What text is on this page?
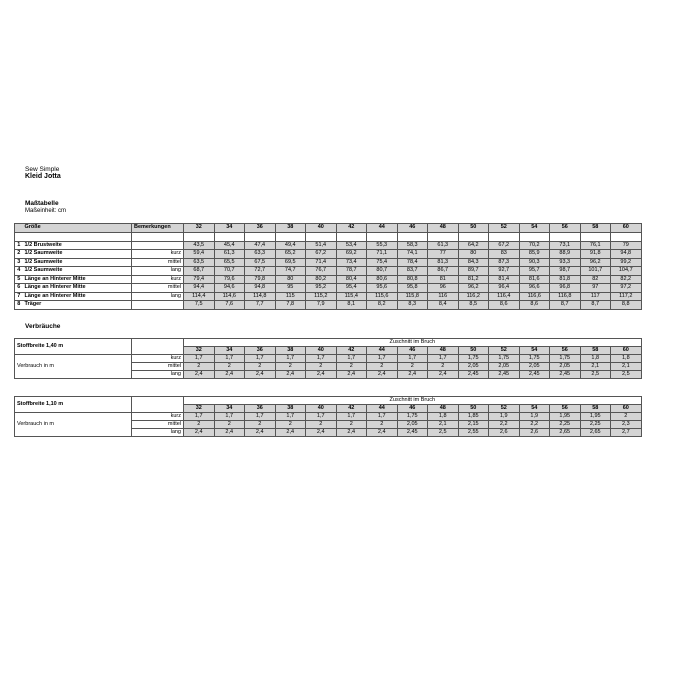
Sew Simple
Kleid Jotta
Maßtabelle
Maßeinheit: cm
	Größe	Bemerkungen	32	34	36	38	40	42	44	46	48	50	52	54	56	58	60

1	1/2 Brustweite		43,5	45,4	47,4	49,4	51,4	53,4	55,3	58,3	61,3	64,2	67,2	70,2	73,1	76,1	79
2	1/2 Saumweite	kurz	59,4	61,3	63,3	65,2	67,2	69,2	71,1	74,1	77	80	83	85,9	88,9	91,8	94,8
3	1/2 Saumweite	mittel	63,5	65,5	67,5	69,5	71,4	73,4	75,4	78,4	81,3	84,3	87,3	90,3	93,3	96,2	99,2
4	1/2 Saumweite	lang	68,7	70,7	72,7	74,7	76,7	78,7	80,7	83,7	86,7	89,7	92,7	95,7	98,7	101,7	104,7
5	Länge an Hinterer Mitte	kurz	79,4	79,6	79,8	80	80,2	80,4	80,6	80,8	81	81,2	81,4	81,6	81,8	82	82,2
6	Länge an Hinterer Mitte	mittel	94,4	94,6	94,8	95	95,2	95,4	95,6	95,8	96	96,2	96,4	96,6	96,8	97	97,2
7	Länge an Hinterer Mitte	lang	114,4	114,6	114,8	115	115,2	115,4	115,6	115,8	116	116,2	116,4	116,6	116,8	117	117,2
8	Träger		7,5	7,6	7,7	7,8	7,9	8,1	8,2	8,3	8,4	8,5	8,6	8,6	8,7	8,7	8,8
Verbräuche
Stoffbreite 1,40 m		Zuschnitt im Bruch														
		32	34	36	38	40	42	44	46	48	50	52	54	56	58	60
Verbrauch in m	kurz	1,7	1,7	1,7	1,7	1,7	1,7	1,7	1,7	1,7	1,75	1,75	1,75	1,75	1,8	1,8
	mittel	2	2	2	2	2	2	2	2	2	2,05	2,05	2,05	2,05	2,1	2,1
	lang	2,4	2,4	2,4	2,4	2,4	2,4	2,4	2,4	2,4	2,45	2,45	2,45	2,45	2,5	2,5
Stoffbreite 1,10 m		Zuschnitt im Bruch														
		32	34	36	38	40	42	44	46	48	50	52	54	56	58	60
Verbrauch in m	kurz	1,7	1,7	1,7	1,7	1,7	1,7	1,7	1,75	1,8	1,85	1,9	1,9	1,95	1,95	2
	mittel	2	2	2	2	2	2	2	2,05	2,1	2,15	2,2	2,2	2,25	2,25	2,3
	lang	2,4	2,4	2,4	2,4	2,4	2,4	2,4	2,45	2,5	2,55	2,6	2,6	2,65	2,65	2,7
